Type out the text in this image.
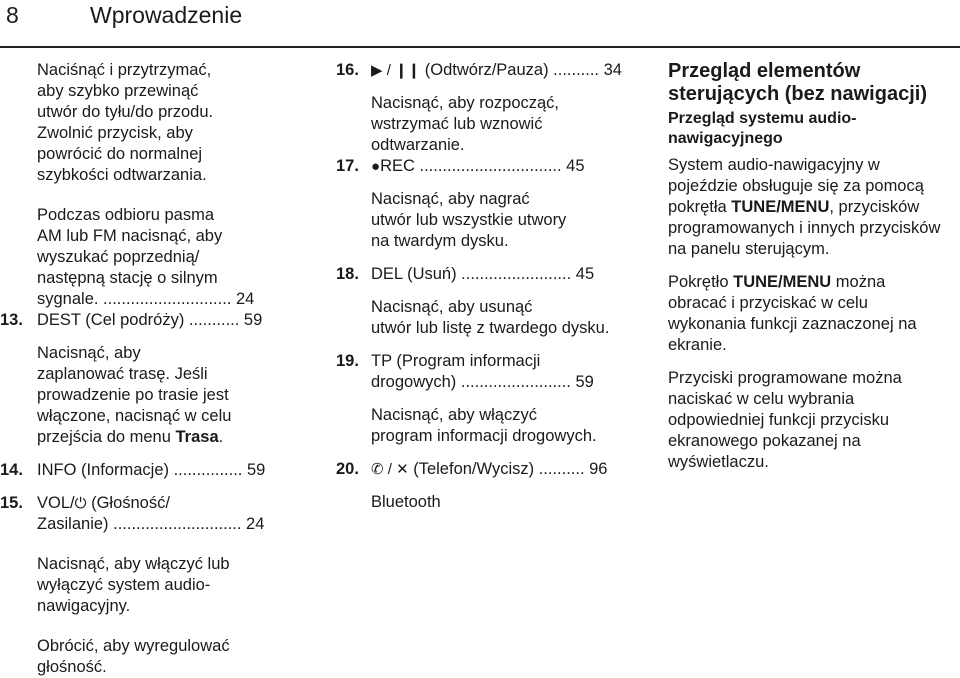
8	Wprowadzenie
Naciśnąć i przytrzymać,
aby szybko przewinąć
utwór do tyłu/do przodu.
Zwolnić przycisk, aby
powrócić do normalnej
szybkości odtwarzania.
Podczas odbioru pasma
AM lub FM nacisnąć, aby
wyszukać poprzednią/
następną stację o silnym
sygnale. ............................ 24
13. DEST (Cel podróży) ........... 59
Nacisnąć, aby
zaplanować trasę. Jeśli
prowadzenie po trasie jest
włączone, nacisnąć w celu
przejścia do menu Trasa.
14. INFO (Informacje) ............... 59
15. VOL/⏻ (Głośność/
Zasilanie) ............................ 24
Nacisnąć, aby włączyć lub
wyłączyć system audio-
nawigacyjny.
Obrócić, aby wyregulować
głośność.
16. ▶ / ❙❙ (Odtwórz/Pauza) .......... 34
Nacisnąć, aby rozpocząć,
wstrzymać lub wznowić
odtwarzanie.
17. ●REC ............................... 45
Nacisnąć, aby nagrać
utwór lub wszystkie utwory
na twardym dysku.
18. DEL (Usuń) ........................ 45
Nacisnąć, aby usunąć
utwór lub listę z twardego dysku.
19. TP (Program informacji
drogowych) ........................ 59
Nacisnąć, aby włączyć
program informacji drogowych.
20. ✆ / ✕ (Telefon/Wycisz) .......... 96
Bluetooth
Przegląd elementów
sterujących (bez nawigacji)
Przegląd systemu audio-
nawigacyjnego
System audio-nawigacyjny w
pojeździe obsługuje się za pomocą
pokrętła TUNE/MENU, przycisków
programowanych i innych przycisków
na panelu sterującym.
Pokrętło TUNE/MENU można
obracać i przyciskać w celu
wykonania funkcji zaznaczonej na
ekranie.
Przyciski programowane można
naciskać w celu wybrania
odpowiedniej funkcji przycisku
ekranowego pokazanej na
wyświetlaczu.
